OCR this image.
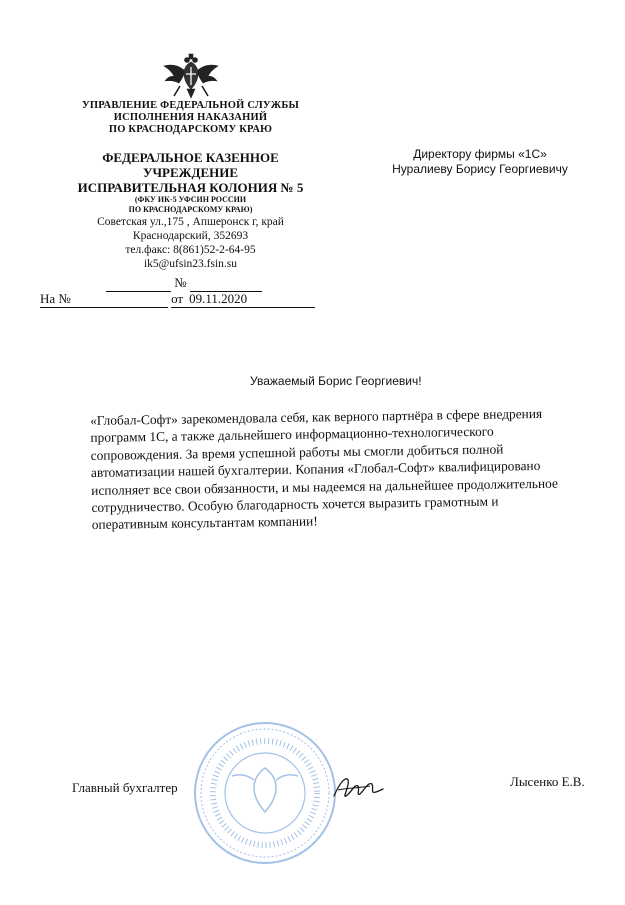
УПРАВЛЕНИЕ ФЕДЕРАЛЬНОЙ СЛУЖБЫ
ИСПОЛНЕНИЯ НАКАЗАНИЙ
ПО КРАСНОДАРСКОМУ КРАЮ
ФЕДЕРАЛЬНОЕ КАЗЕННОЕ
УЧРЕЖДЕНИЕ
ИСПРАВИТЕЛЬНАЯ КОЛОНИЯ № 5
(ФКУ ИК-5 УФСИН РОССИИ
ПО КРАСНОДАРСКОМУ КРАЮ)
Советская ул.,175 , Апшеронск г, край
Краснодарский, 352693
тел.факс: 8(861)52-2-64-95
ik5@ufsin23.fsin.su
№
На №	от 09.11.2020
Директору фирмы «1С»
Нуралиеву Борису Георгиевичу
Уважаемый Борис Георгиевич!
«Глобал-Софт» зарекомендовала себя, как верного партнёра в сфере внедрения
программ 1С, а также дальнейшего информационно-технологического
сопровождения. За время успешной работы мы смогли добиться полной
автоматизации нашей бухгалтерии. Копания «Глобал-Софт» квалифицировано
исполняет все свои обязанности, и мы надеемся на дальнейшее продолжительное
сотрудничество. Особую благодарность хочется выразить грамотным и
оперативным консультантам компании!
Главный бухгалтер	Лысенко Е.В.
